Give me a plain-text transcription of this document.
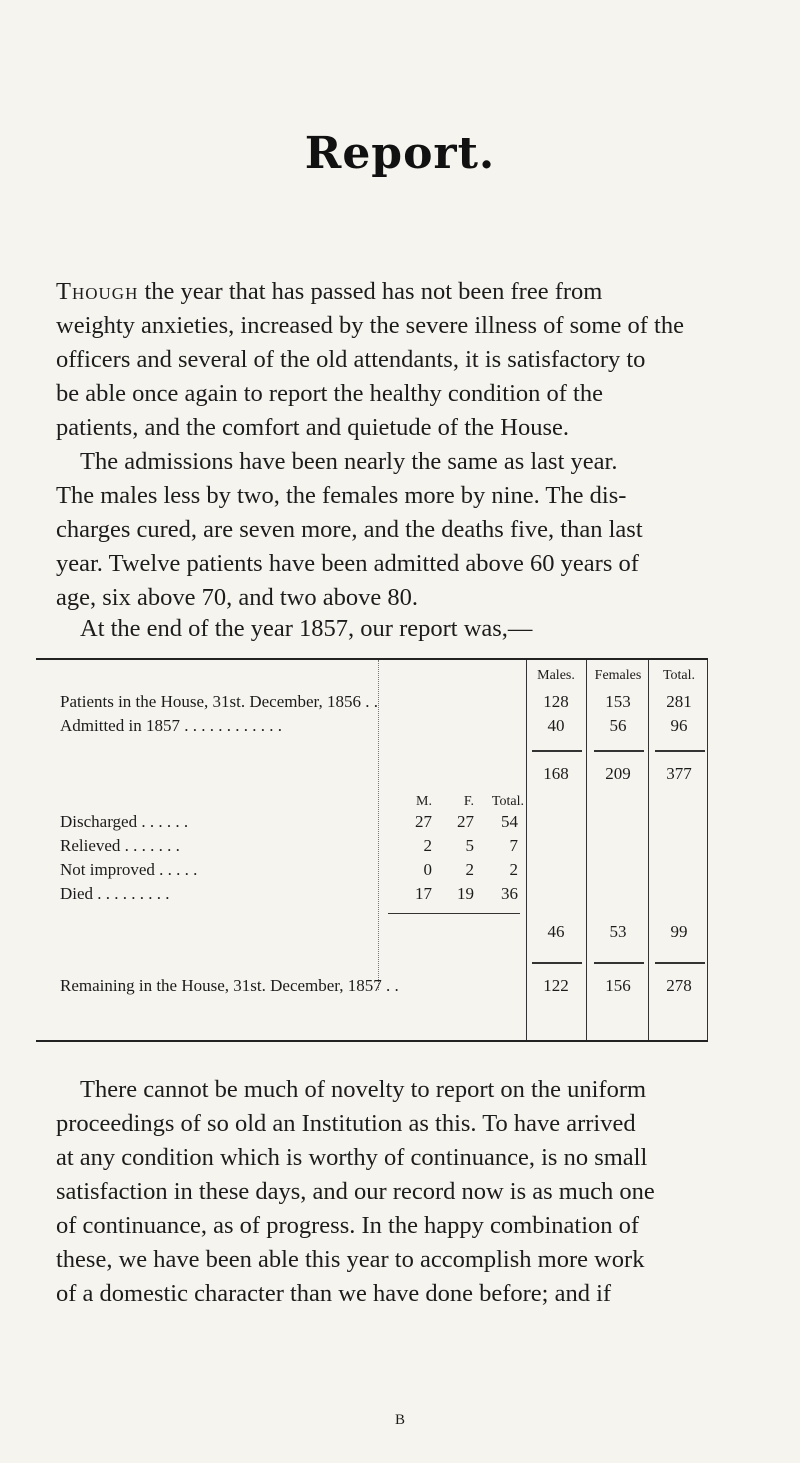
Report.

Though the year that has passed has not been free from

weighty anxieties, increased by the severe illness of some of the

officers and several of the old attendants, it is satisfactory to

be able once again to report the healthy condition of the

patients, and the comfort and quietude of the House.

The admissions have been nearly the same as last year.

The males less by two, the females more by nine. The dis-

charges cured, are seven more, and the deaths five, than last

year. Twelve patients have been admitted above 60 years of

age, six above 70, and two above 80.

At the end of the year 1857, our report was,—

Males.	Females	Total.
Patients in the House, 31st. December, 1856 . .	128	153	281
Admitted in 1857 . . . . . . . . . . . .	40	56	96
168	209	377
M.	F.	Total.
Discharged . . . . . .	27	27	54
Relieved . . . . . . .	2	5	7
Not improved . . . . .	0	2	2
Died . . . . . . . . .	17	19	36
46	53	99
Remaining in the House, 31st. December, 1857 . .	122	156	278

There cannot be much of novelty to report on the uniform

proceedings of so old an Institution as this. To have arrived

at any condition which is worthy of continuance, is no small

satisfaction in these days, and our record now is as much one

of continuance, as of progress. In the happy combination of

these, we have been able this year to accomplish more work

of a domestic character than we have done before; and if

B
